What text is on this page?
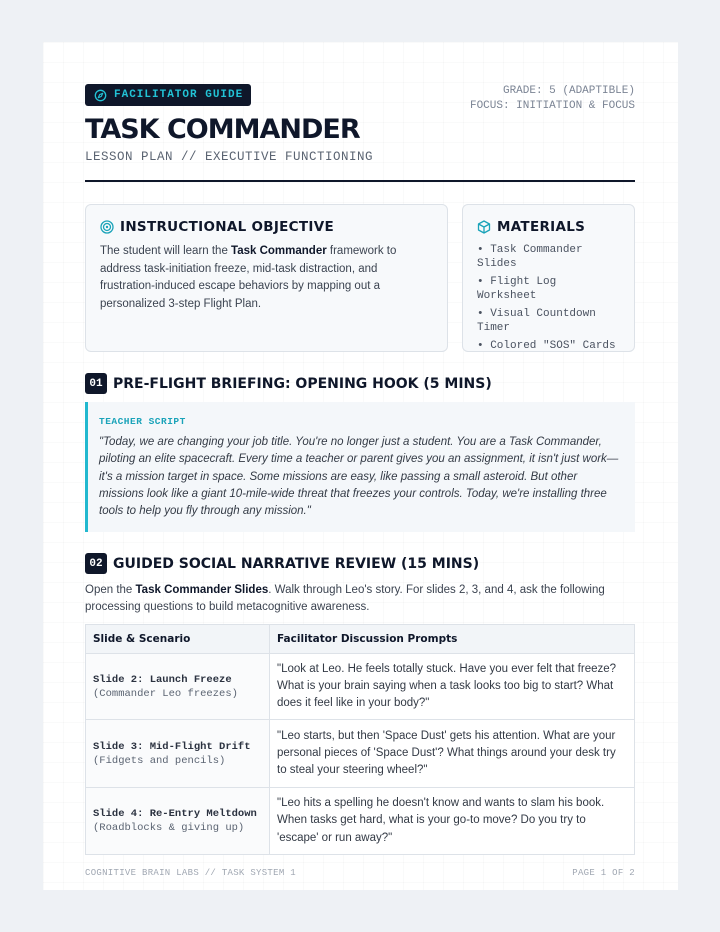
FACILITATOR GUIDE	GRADE: 5 (ADAPTIBLE)
FOCUS: INITIATION & FOCUS
TASK COMMANDER
LESSON PLAN // EXECUTIVE FUNCTIONING
INSTRUCTIONAL OBJECTIVE

The student will learn the Task Commander framework to address task-initiation freeze, mid-task distraction, and frustration-induced escape behaviors by mapping out a personalized 3-step Flight Plan.

MATERIALS
• Task Commander Slides
• Flight Log Worksheet
• Visual Countdown Timer
• Colored "SOS" Cards
01 PRE-FLIGHT BRIEFING: OPENING HOOK (5 MINS)
TEACHER SCRIPT

"Today, we are changing your job title. You're no longer just a student. You are a Task Commander, piloting an elite spacecraft. Every time a teacher or parent gives you an assignment, it isn't just work—it's a mission target in space. Some missions are easy, like passing a small asteroid. But other missions look like a giant 10-mile-wide threat that freezes your controls. Today, we're installing three tools to help you fly through any mission."

02 GUIDED SOCIAL NARRATIVE REVIEW (15 MINS)

Open the Task Commander Slides. Walk through Leo's story. For slides 2, 3, and 4, ask the following processing questions to build metacognitive awareness.

Slide & Scenario	Facilitator Discussion Prompts

Slide 2: Launch Freeze
(Commander Leo freezes)	"Look at Leo. He feels totally stuck. Have you ever felt that freeze? What is your brain saying when a task looks too big to start? What does it feel like in your body?"

Slide 3: Mid-Flight Drift
(Fidgets and pencils)	"Leo starts, but then 'Space Dust' gets his attention. What are your personal pieces of 'Space Dust'? What things around your desk try to steal your steering wheel?"

Slide 4: Re-Entry Meltdown
(Roadblocks & giving up)	"Leo hits a spelling he doesn't know and wants to slam his book. When tasks get hard, what is your go-to move? Do you try to 'escape' or run away?"
COGNITIVE BRAIN LABS // TASK SYSTEM 1	PAGE 1 OF 2
